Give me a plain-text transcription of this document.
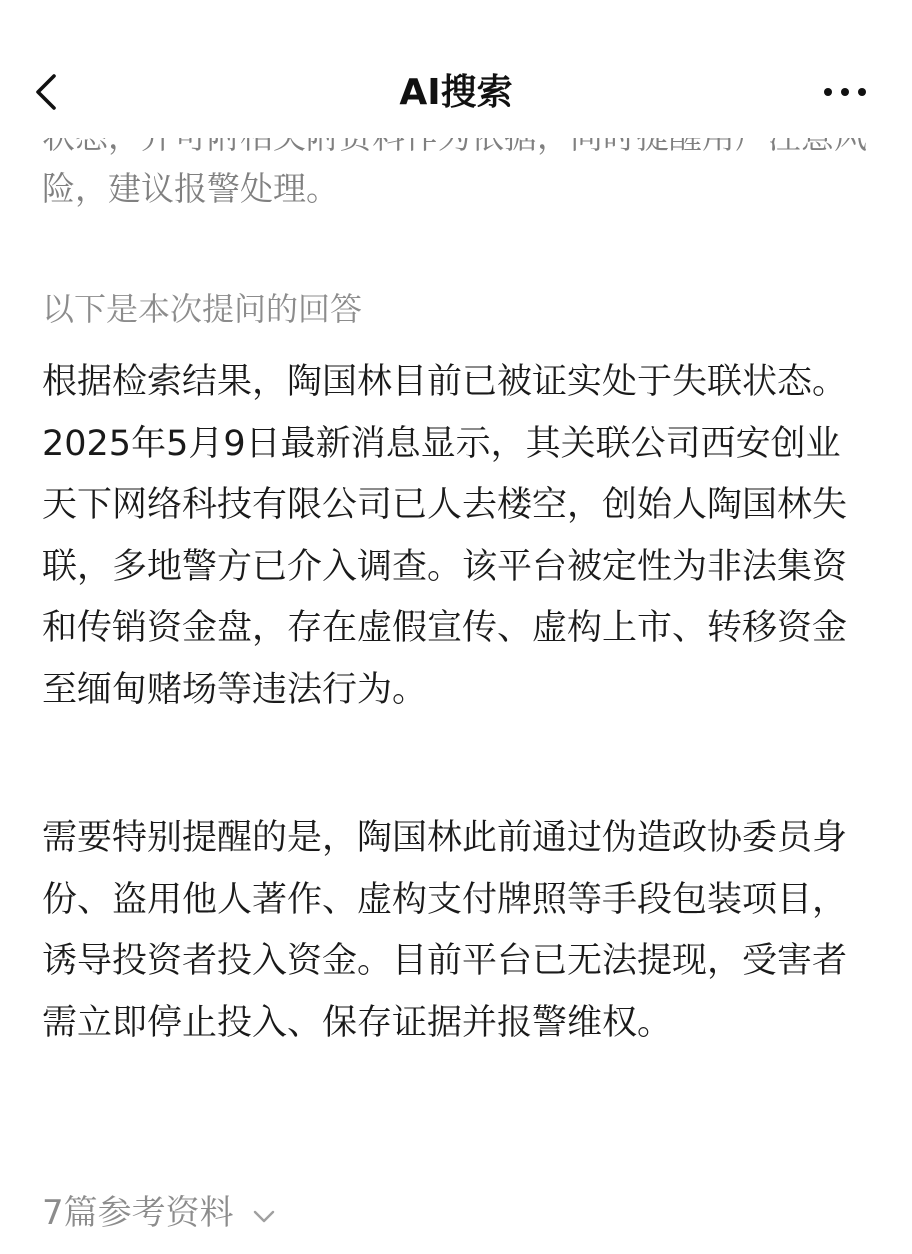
AI搜索
险，建议报警处理。
以下是本次提问的回答
根据检索结果，陶国林目前已被证实处于失联状态。2025年5月9日最新消息显示，其关联公司西安创业天下网络科技有限公司已人去楼空，创始人陶国林失联，多地警方已介入调查。该平台被定性为非法集资和传销资金盘，存在虚假宣传、虚构上市、转移资金至缅甸赌场等违法行为。
需要特别提醒的是，陶国林此前通过伪造政协委员身份、盗用他人著作、虚构支付牌照等手段包装项目，诱导投资者投入资金。目前平台已无法提现，受害者需立即停止投入、保存证据并报警维权。
7篇参考资料
